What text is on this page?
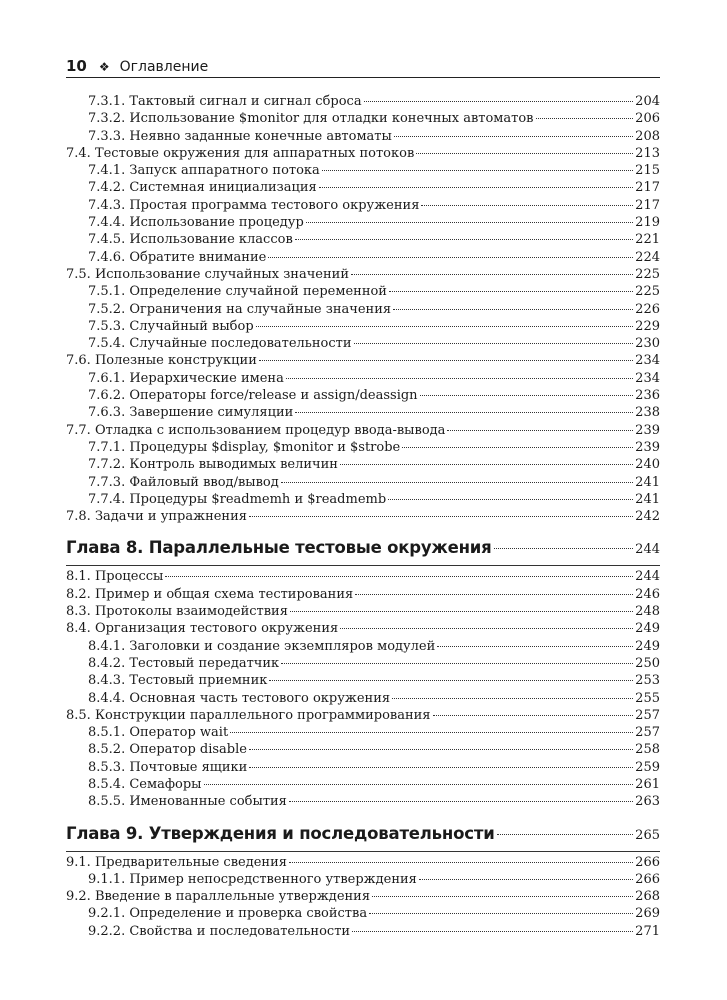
10 ❖ Оглавление
7.3.1. Тактовый сигнал и сигнал сброса	204
7.3.2. Использование $monitor для отладки конечных автоматов	206
7.3.3. Неявно заданные конечные автоматы	208
7.4. Тестовые окружения для аппаратных потоков	213
7.4.1. Запуск аппаратного потока	215
7.4.2. Системная инициализация	217
7.4.3. Простая программа тестового окружения	217
7.4.4. Использование процедур	219
7.4.5. Использование классов	221
7.4.6. Обратите внимание	224
7.5. Использование случайных значений	225
7.5.1. Определение случайной переменной	225
7.5.2. Ограничения на случайные значения	226
7.5.3. Случайный выбор	229
7.5.4. Случайные последовательности	230
7.6. Полезные конструкции	234
7.6.1. Иерархические имена	234
7.6.2. Операторы force/release и assign/deassign	236
7.6.3. Завершение симуляции	238
7.7. Отладка с использованием процедур ввода-вывода	239
7.7.1. Процедуры $display, $monitor и $strobe	239
7.7.2. Контроль выводимых величин	240
7.7.3. Файловый ввод/вывод	241
7.7.4. Процедуры $readmemh и $readmemb	241
7.8. Задачи и упражнения	242
Глава 8. Параллельные тестовые окружения	244
8.1. Процессы	244
8.2. Пример и общая схема тестирования	246
8.3. Протоколы взаимодействия	248
8.4. Организация тестового окружения	249
8.4.1. Заголовки и создание экземпляров модулей	249
8.4.2. Тестовый передатчик	250
8.4.3. Тестовый приемник	253
8.4.4. Основная часть тестового окружения	255
8.5. Конструкции параллельного программирования	257
8.5.1. Оператор wait	257
8.5.2. Оператор disable	258
8.5.3. Почтовые ящики	259
8.5.4. Семафоры	261
8.5.5. Именованные события	263
Глава 9. Утверждения и последовательности	265
9.1. Предварительные сведения	266
9.1.1. Пример непосредственного утверждения	266
9.2. Введение в параллельные утверждения	268
9.2.1. Определение и проверка свойства	269
9.2.2. Свойства и последовательности	271
